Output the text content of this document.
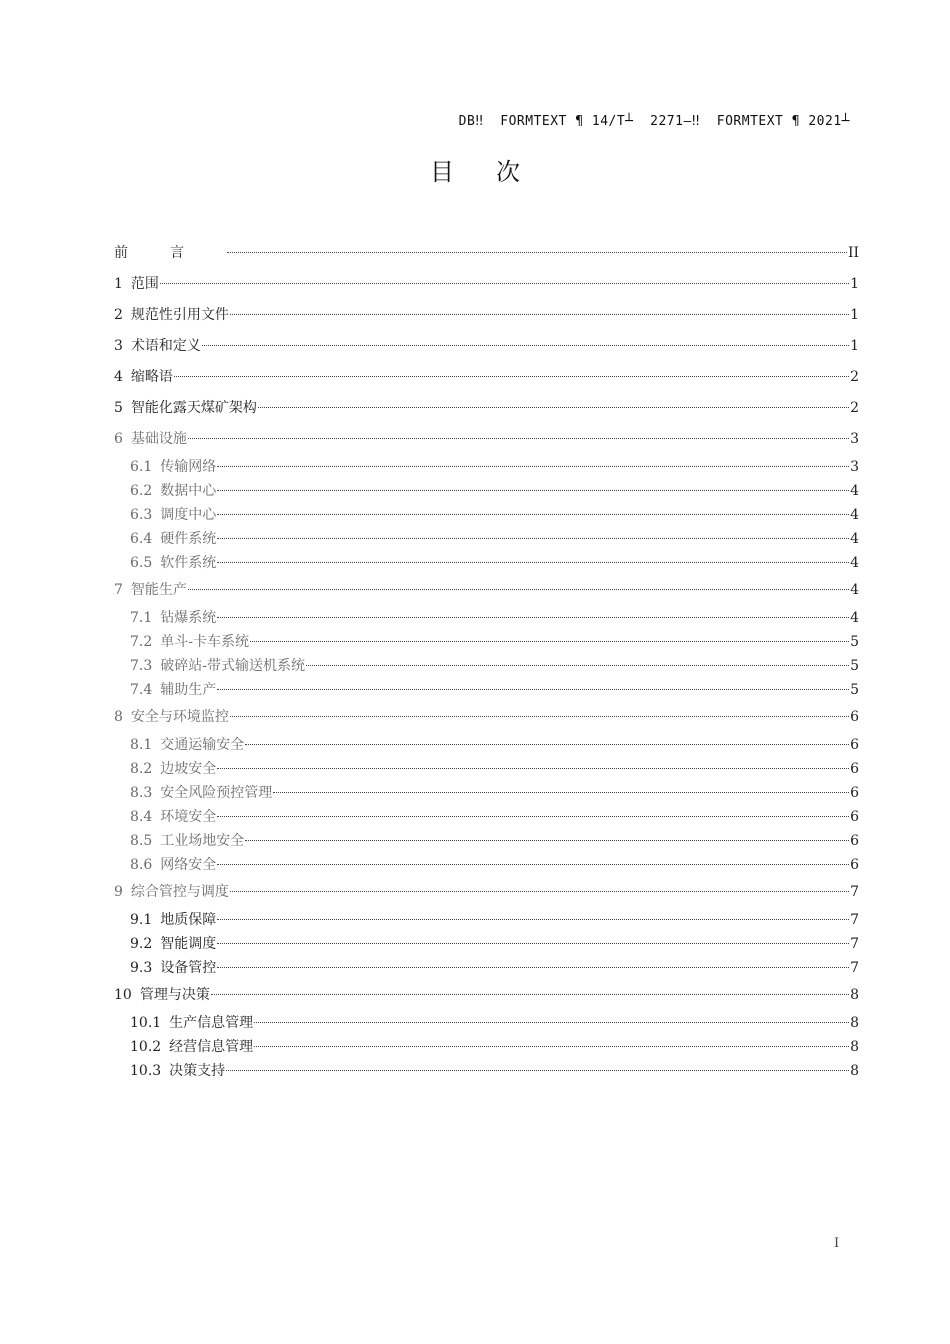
DB‼  FORMTEXT ¶ 14/T┴  2271—‼  FORMTEXT ¶ 2021┴
目 次
前言	II
1 范围	1
2 规范性引用文件	1
3 术语和定义	1
4 缩略语	2
5 智能化露天煤矿架构	2
6 基础设施	3
6.1 传输网络	3
6.2 数据中心	4
6.3 调度中心	4
6.4 硬件系统	4
6.5 软件系统	4
7 智能生产	4
7.1 钻爆系统	4
7.2 单斗-卡车系统	5
7.3 破碎站-带式输送机系统	5
7.4 辅助生产	5
8 安全与环境监控	6
8.1 交通运输安全	6
8.2 边坡安全	6
8.3 安全风险预控管理	6
8.4 环境安全	6
8.5 工业场地安全	6
8.6 网络安全	6
9 综合管控与调度	7
9.1 地质保障	7
9.2 智能调度	7
9.3 设备管控	7
10 管理与决策	8
10.1 生产信息管理	8
10.2 经营信息管理	8
10.3 决策支持	8
I
